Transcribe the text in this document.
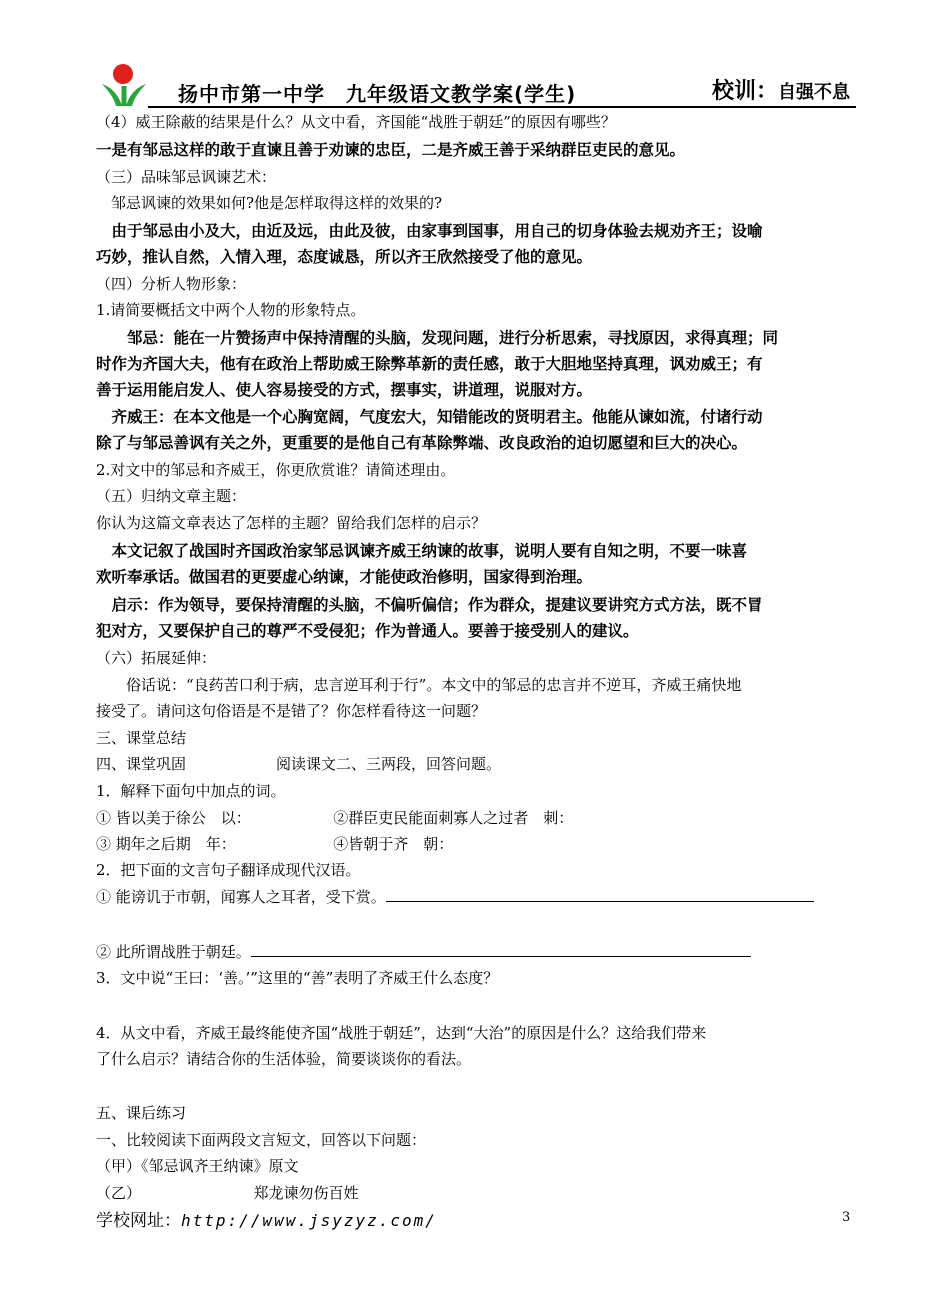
扬中市第一中学　九年级语文教学案(学生)	校训：自强不息
（4）威王除蔽的结果是什么？从文中看，齐国能“战胜于朝廷”的原因有哪些？
一是有邹忌这样的敢于直谏且善于劝谏的忠臣，二是齐威王善于采纳群臣吏民的意见。
（三）品味邹忌讽谏艺术：
　邹忌讽谏的效果如何?他是怎样取得这样的效果的?
　由于邹忌由小及大，由近及远，由此及彼，由家事到国事，用自己的切身体验去规劝齐王；设喻
巧妙，推认自然，入情入理，态度诚恳，所以齐王欣然接受了他的意见。
（四）分析人物形象：
1.请简要概括文中两个人物的形象特点。
　　邹忌：能在一片赞扬声中保持清醒的头脑，发现问题，进行分析思索，寻找原因，求得真理；同
时作为齐国大夫，他有在政治上帮助威王除弊革新的责任感，敢于大胆地坚持真理，讽劝威王；有
善于运用能启发人、使人容易接受的方式，摆事实，讲道理，说服对方。
　齐威王：在本文他是一个心胸宽阔，气度宏大，知错能改的贤明君主。他能从谏如流，付诸行动
除了与邹忌善讽有关之外，更重要的是他自己有革除弊端、改良政治的迫切愿望和巨大的决心。
2.对文中的邹忌和齐威王，你更欣赏谁？请简述理由。
（五）归纳文章主题：
你认为这篇文章表达了怎样的主题？留给我们怎样的启示？
　本文记叙了战国时齐国政治家邹忌讽谏齐威王纳谏的故事，说明人要有自知之明，不要一味喜
欢听奉承话。做国君的更要虚心纳谏，才能使政治修明，国家得到治理。
　启示：作为领导，要保持清醒的头脑，不偏听偏信；作为群众，提建议要讲究方式方法，既不冒
犯对方，又要保护自己的尊严不受侵犯；作为普通人。要善于接受别人的建议。
（六）拓展延伸：
　　俗话说：“良药苦口利于病，忠言逆耳利于行”。本文中的邹忌的忠言并不逆耳，齐威王痛快地
接受了。请问这句俗语是不是错了？你怎样看待这一问题？
三、课堂总结
四、课堂巩固　　　　　　阅读课文二、三两段，回答问题。
1．解释下面句中加点的词。
① 皆以美于徐公　以：　　　　　　②群臣吏民能面刺寡人之过者　刺：
③ 期年之后期　年：　　　　　　　④皆朝于齐　朝：
2．把下面的文言句子翻译成现代汉语。
① 能谤讥于市朝，闻寡人之耳者，受下赏。
② 此所谓战胜于朝廷。
3．文中说“王曰：‘善。’”这里的“善”表明了齐威王什么态度？
4．从文中看，齐威王最终能使齐国“战胜于朝廷”，达到“大治”的原因是什么？这给我们带来
了什么启示？请结合你的生活体验，简要谈谈你的看法。
五、课后练习
一、比较阅读下面两段文言短文，回答以下问题：
（甲）《邹忌讽齐王纳谏》原文
（乙）　　　　　　　　郑龙谏勿伤百姓
学校网址：http://www.jsyzyz.com/	3
